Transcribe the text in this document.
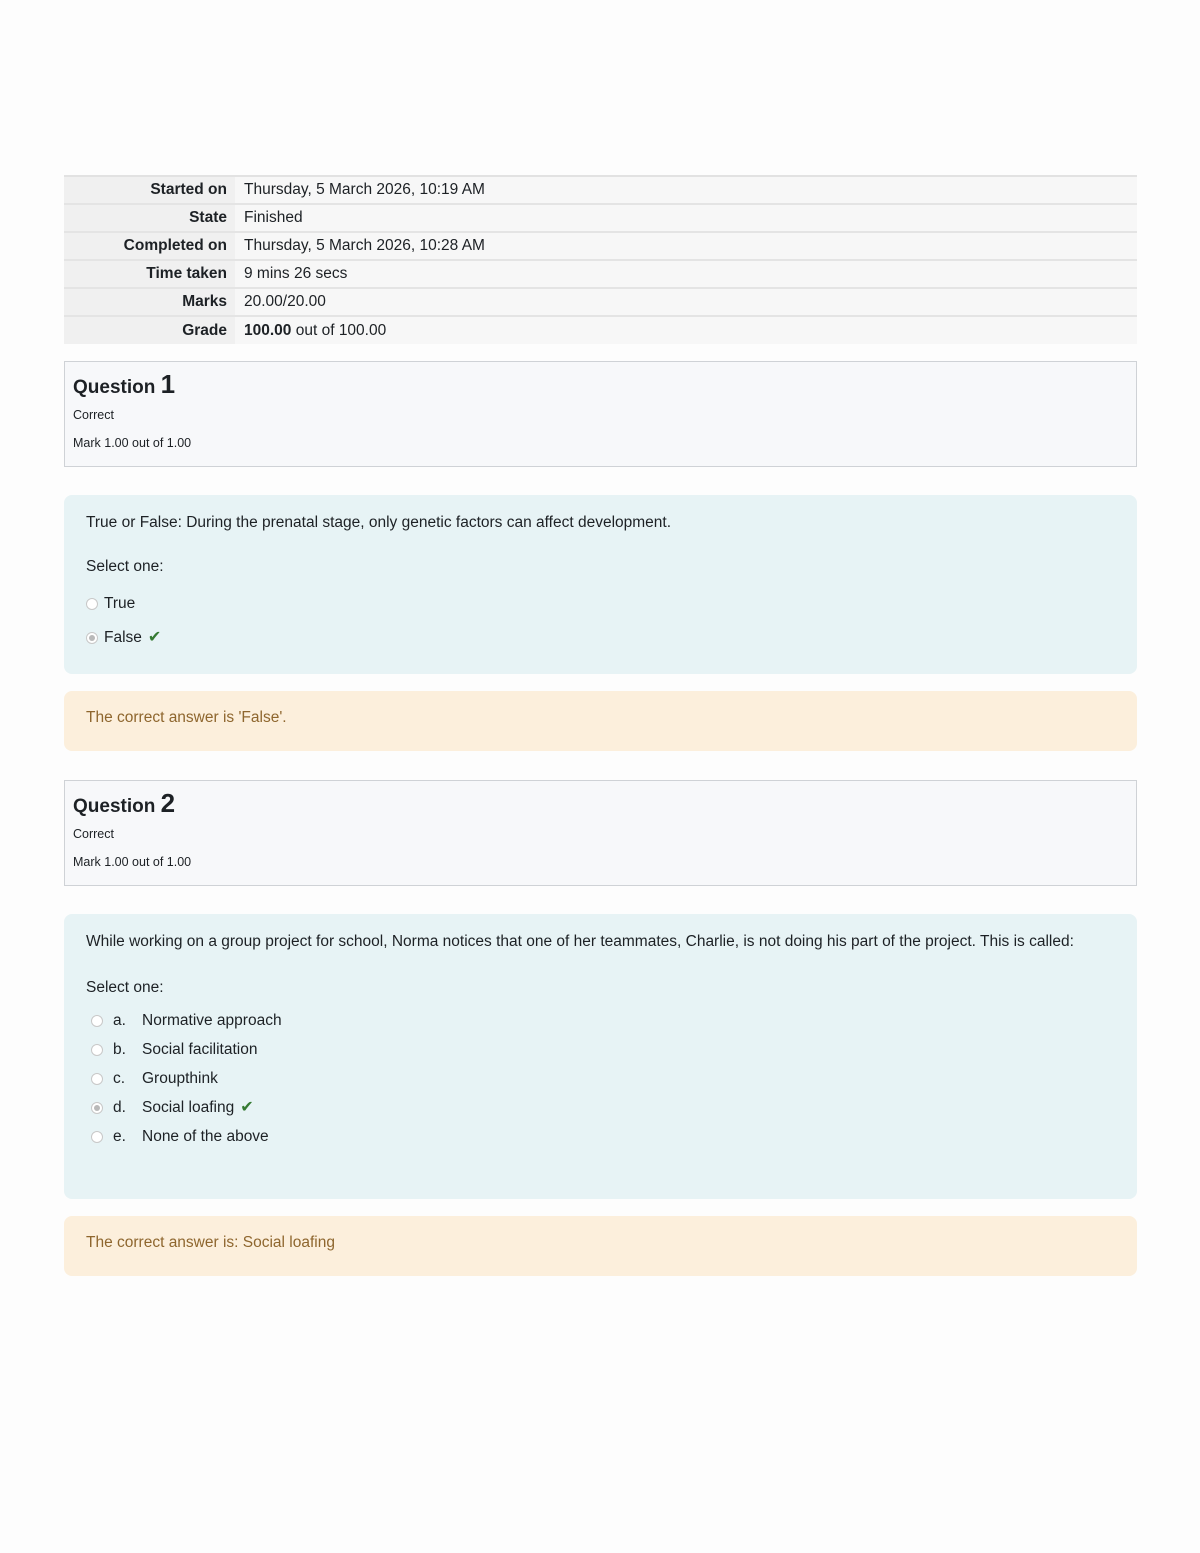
Started on	Thursday, 5 March 2026, 10:19 AM
State	Finished
Completed on	Thursday, 5 March 2026, 10:28 AM
Time taken	9 mins 26 secs
Marks	20.00/20.00
Grade	100.00 out of 100.00
Question 1
Correct
Mark 1.00 out of 1.00
True or False: During the prenatal stage, only genetic factors can affect development.
Select one:
True
False ✔
The correct answer is 'False'.
Question 2
Correct
Mark 1.00 out of 1.00
While working on a group project for school, Norma notices that one of her teammates, Charlie, is not doing his part of the project. This is called:
Select one:
a.	Normative approach
b.	Social facilitation
c.	Groupthink
d.	Social loafing ✔
e.	None of the above
The correct answer is: Social loafing
